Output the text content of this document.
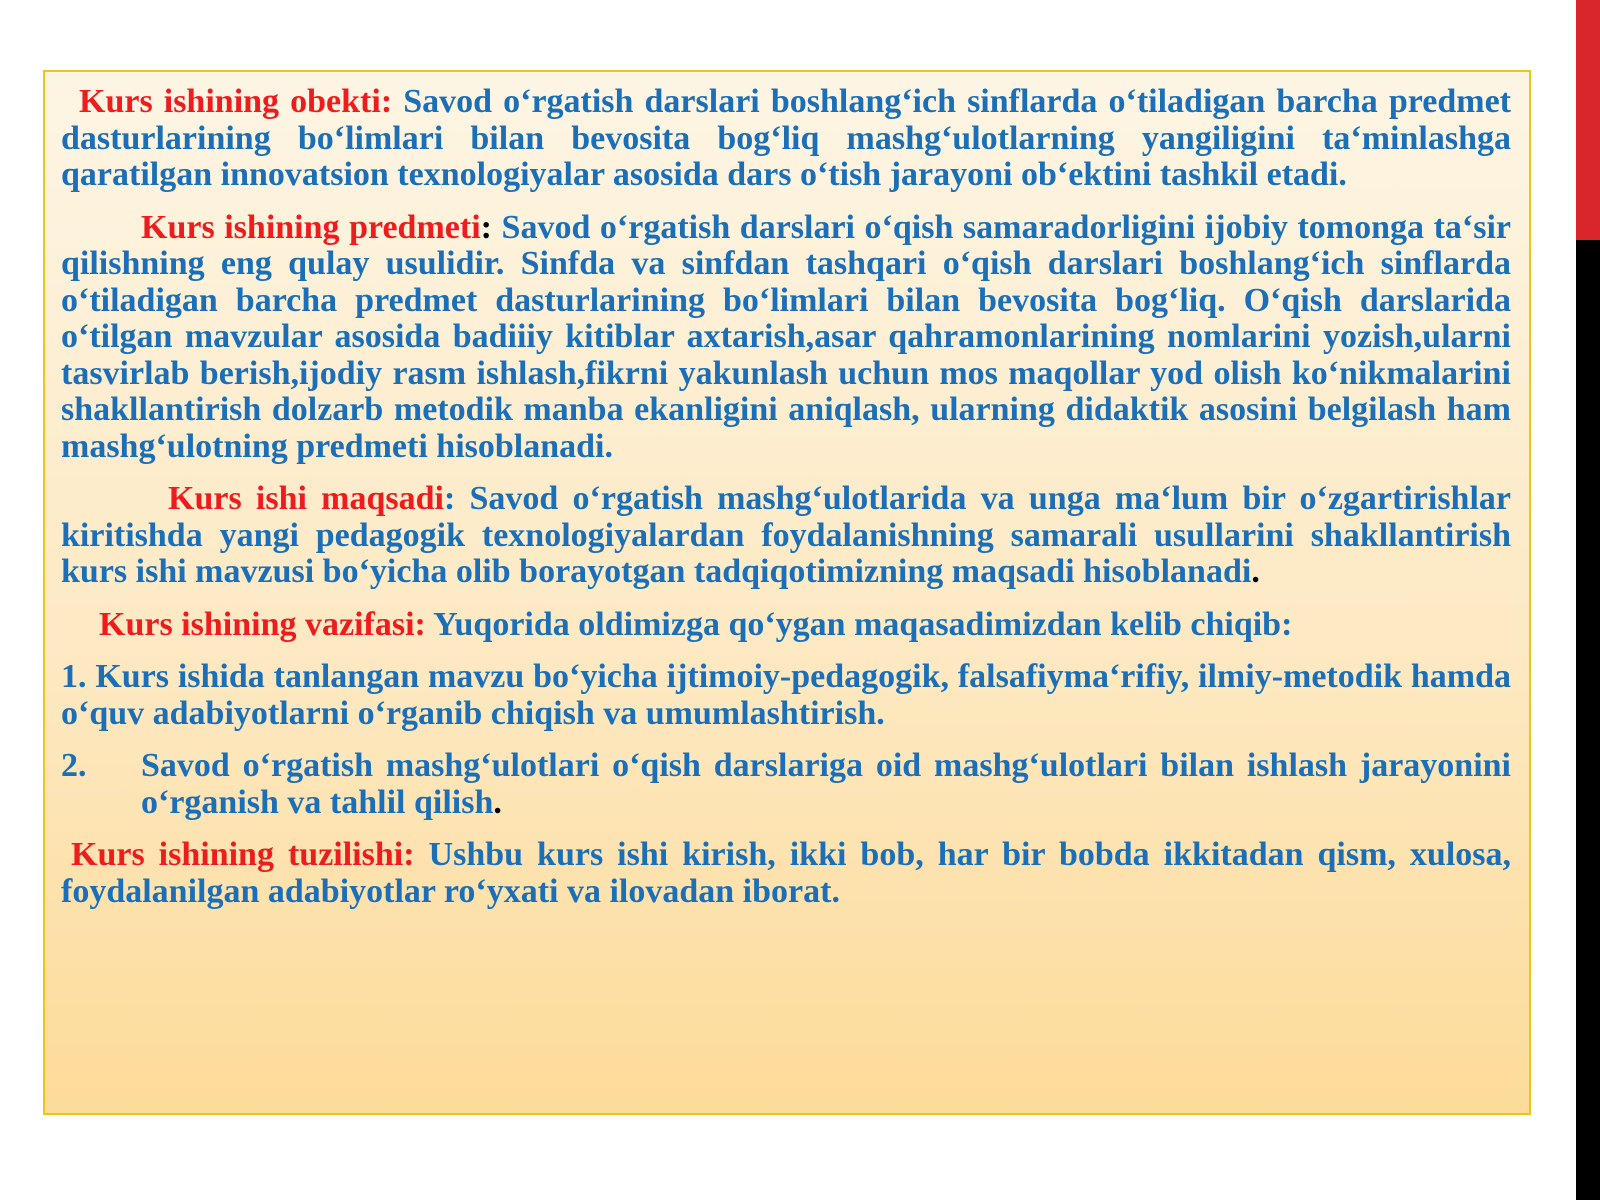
Kurs ishining obekti: Savod o‘rgatish darslari boshlang‘ich sinflarda o‘tiladigan barcha predmet dasturlarining bo‘limlari bilan bevosita bog‘liq mashg‘ulotlarning yangiligini ta‘minlashga qaratilgan innovatsion texnologiyalar asosida dars o‘tish jarayoni ob‘ektini tashkil etadi.

Kurs ishining predmeti: Savod o‘rgatish darslari o‘qish samaradorligini ijobiy tomonga ta‘sir qilishning eng qulay usulidir. Sinfda va sinfdan tashqari o‘qish darslari boshlang‘ich sinflarda o‘tiladigan barcha predmet dasturlarining bo‘limlari bilan bevosita bog‘liq. O‘qish darslarida o‘tilgan mavzular asosida badiiiy kitiblar axtarish,asar qahramonlarining nomlarini yozish,ularni tasvirlab berish,ijodiy rasm ishlash,fikrni yakunlash uchun mos maqollar yod olish ko‘nikmalarini shakllantirish dolzarb metodik manba ekanligini aniqlash, ularning didaktik asosini belgilash ham mashg‘ulotning predmeti hisoblanadi.

Kurs ishi maqsadi: Savod o‘rgatish mashg‘ulotlarida va unga ma‘lum bir o‘zgartirishlar kiritishda yangi pedagogik texnologiyalardan foydalanishning samarali usullarini shakllantirish kurs ishi mavzusi bo‘yicha olib borayotgan tadqiqotimizning maqsadi hisoblanadi.

Kurs ishining vazifasi: Yuqorida oldimizga qo‘ygan maqasadimizdan kelib chiqib:

1. Kurs ishida tanlangan mavzu bo‘yicha ijtimoiy-pedagogik, falsafiyma‘rifiy, ilmiy-metodik hamda o‘quv adabiyotlarni o‘rganib chiqish va umumlashtirish.

2.	Savod o‘rgatish mashg‘ulotlari o‘qish darslariga oid mashg‘ulotlari bilan ishlash jarayonini o‘rganish va tahlil qilish.

Kurs ishining tuzilishi: Ushbu kurs ishi kirish, ikki bob, har bir bobda ikkitadan qism, xulosa, foydalanilgan adabiyotlar ro‘yxati va ilovadan iborat.
